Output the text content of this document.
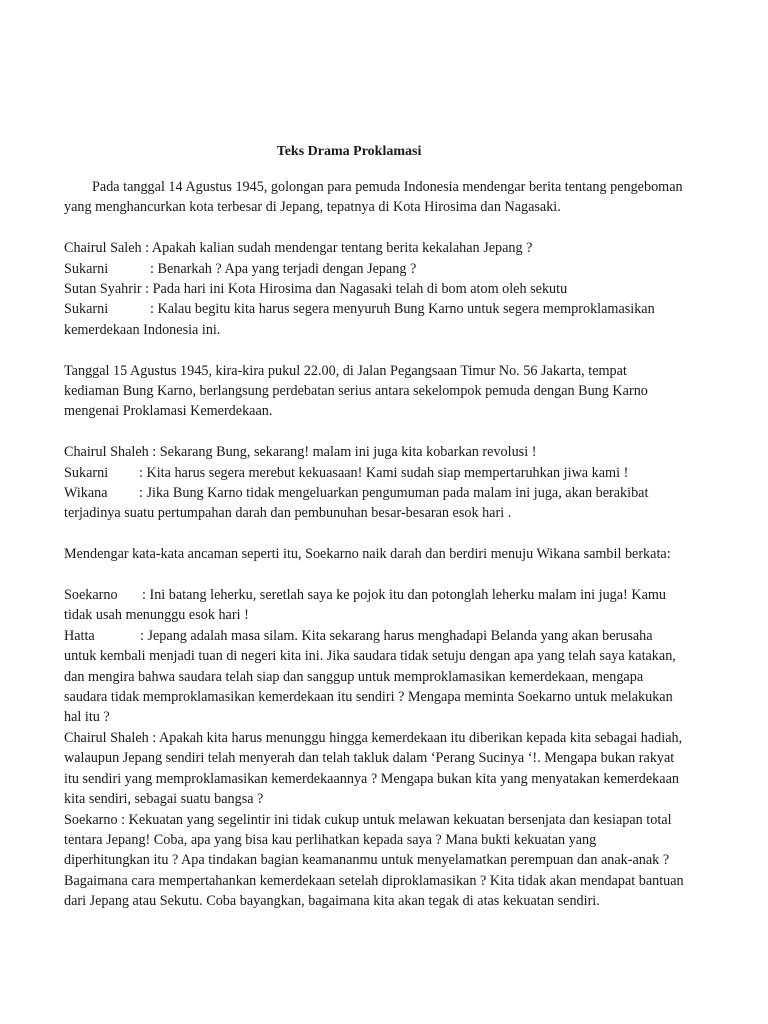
Teks Drama Proklamasi

Pada tanggal 14 Agustus 1945, golongan para pemuda Indonesia mendengar berita tentang pengeboman yang menghancurkan kota terbesar di Jepang, tepatnya di Kota Hirosima dan Nagasaki.

Chairul Saleh : Apakah kalian sudah mendengar tentang berita kekalahan Jepang ?

Sukarni	: Benarkah ? Apa yang terjadi dengan Jepang ?

Sutan Syahrir : Pada hari ini Kota Hirosima dan Nagasaki telah di bom atom oleh sekutu

Sukarni	: Kalau begitu kita harus segera menyuruh Bung Karno untuk segera memproklamasikan kemerdekaan Indonesia ini.

Tanggal 15 Agustus 1945, kira-kira pukul 22.00, di Jalan Pegangsaan Timur No. 56 Jakarta, tempat kediaman Bung Karno, berlangsung perdebatan serius antara sekelompok pemuda dengan Bung Karno mengenai Proklamasi Kemerdekaan.

Chairul Shaleh : Sekarang Bung, sekarang! malam ini juga kita kobarkan revolusi !

Sukarni : Kita harus segera merebut kekuasaan! Kami sudah siap mempertaruhkan jiwa kami !

Wikana : Jika Bung Karno tidak mengeluarkan pengumuman pada malam ini juga, akan berakibat terjadinya suatu pertumpahan darah dan pembunuhan besar-besaran esok hari .

Mendengar kata-kata ancaman seperti itu, Soekarno naik darah dan berdiri menuju Wikana sambil berkata:

Soekarno : Ini batang leherku, seretlah saya ke pojok itu dan potonglah leherku malam ini juga! Kamu tidak usah menunggu esok hari !

Hatta	: Jepang adalah masa silam. Kita sekarang harus menghadapi Belanda yang akan berusaha untuk kembali menjadi tuan di negeri kita ini. Jika saudara tidak setuju dengan apa yang telah saya katakan, dan mengira bahwa saudara telah siap dan sanggup untuk memproklamasikan kemerdekaan, mengapa saudara tidak memproklamasikan kemerdekaan itu sendiri ? Mengapa meminta Soekarno untuk melakukan hal itu ?

Chairul Shaleh : Apakah kita harus menunggu hingga kemerdekaan itu diberikan kepada kita sebagai hadiah, walaupun Jepang sendiri telah menyerah dan telah takluk dalam ‘Perang Sucinya ‘!. Mengapa bukan rakyat itu sendiri yang memproklamasikan kemerdekaannya ? Mengapa bukan kita yang menyatakan kemerdekaan kita sendiri, sebagai suatu bangsa ?

Soekarno : Kekuatan yang segelintir ini tidak cukup untuk melawan kekuatan bersenjata dan kesiapan total tentara Jepang! Coba, apa yang bisa kau perlihatkan kepada saya ? Mana bukti kekuatan yang diperhitungkan itu ? Apa tindakan bagian keamananmu untuk menyelamatkan perempuan dan anak-anak ? Bagaimana cara mempertahankan kemerdekaan setelah diproklamasikan ? Kita tidak akan mendapat bantuan dari Jepang atau Sekutu. Coba bayangkan, bagaimana kita akan tegak di atas kekuatan sendiri.
